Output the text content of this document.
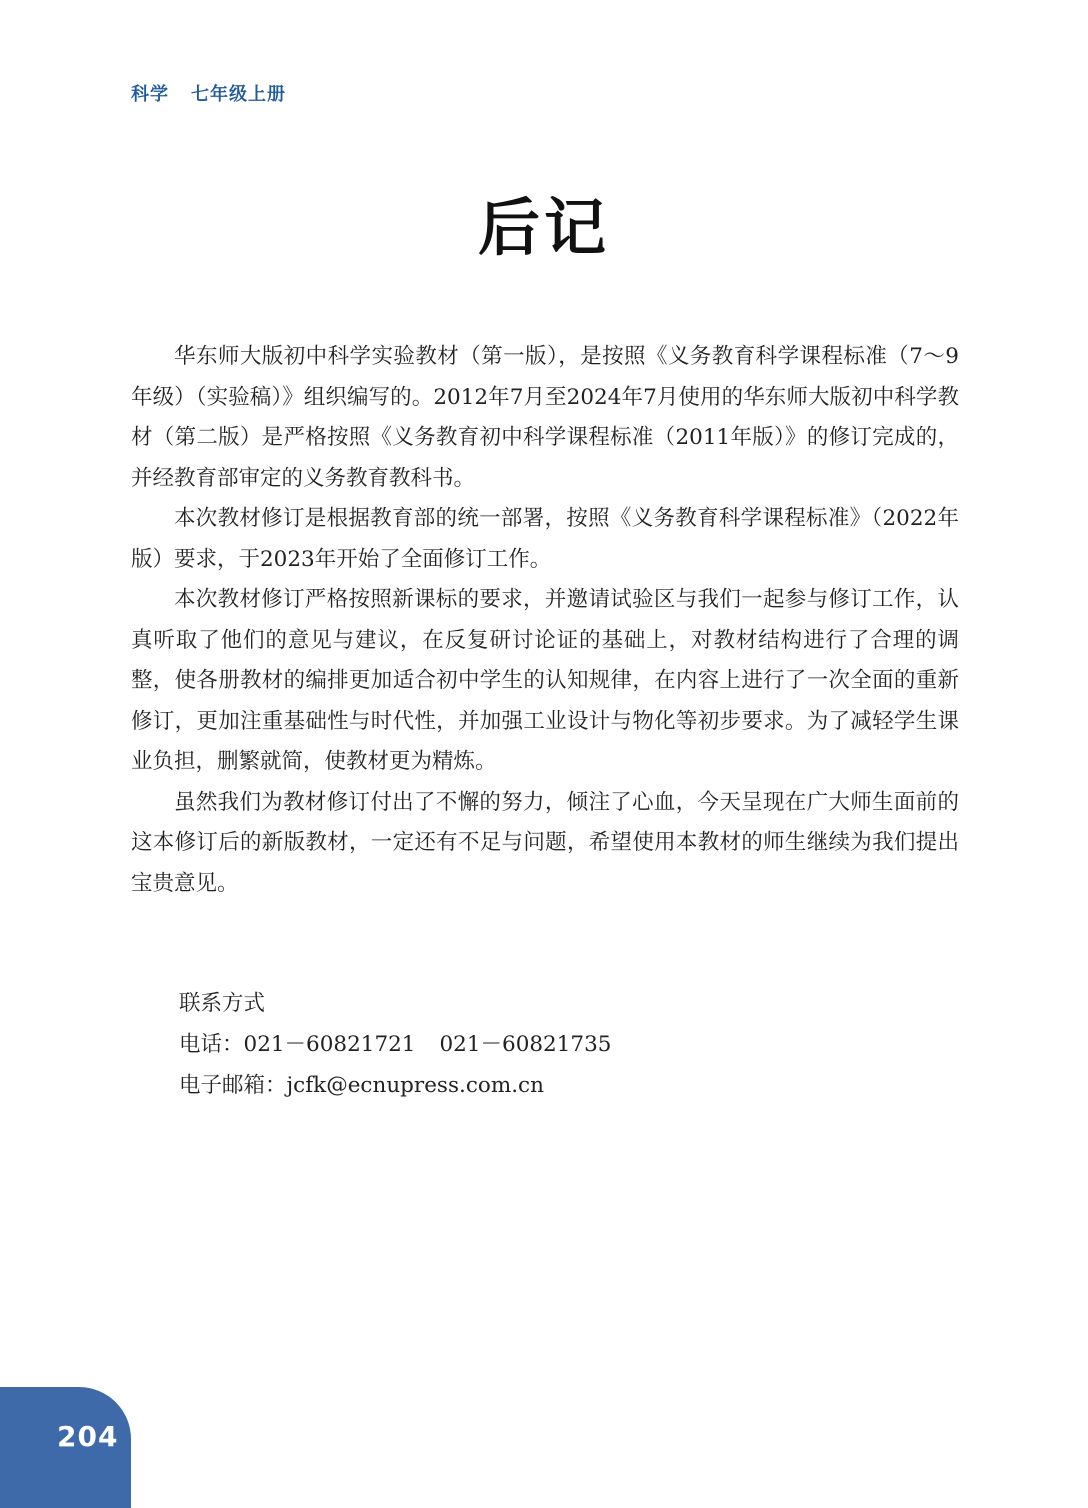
科学 七年级上册
后记

华东师大版初中科学实验教材（第一版），是按照《义务教育科学课程标准（7～9年级）（实验稿）》组织编写的。2012年7月至2024年7月使用的华东师大版初中科学教材（第二版）是严格按照《义务教育初中科学课程标准（2011年版）》的修订完成的，并经教育部审定的义务教育教科书。

本次教材修订是根据教育部的统一部署，按照《义务教育科学课程标准》（2022年版）要求，于2023年开始了全面修订工作。

本次教材修订严格按照新课标的要求，并邀请试验区与我们一起参与修订工作，认真听取了他们的意见与建议，在反复研讨论证的基础上，对教材结构进行了合理的调整，使各册教材的编排更加适合初中学生的认知规律，在内容上进行了一次全面的重新修订，更加注重基础性与时代性，并加强工业设计与物化等初步要求。为了减轻学生课业负担，删繁就简，使教材更为精炼。

虽然我们为教材修订付出了不懈的努力，倾注了心血，今天呈现在广大师生面前的这本修订后的新版教材，一定还有不足与问题，希望使用本教材的师生继续为我们提出宝贵意见。

联系方式
电话：021－60821721 021－60821735
电子邮箱：jcfk@ecnupress.com.cn
204
